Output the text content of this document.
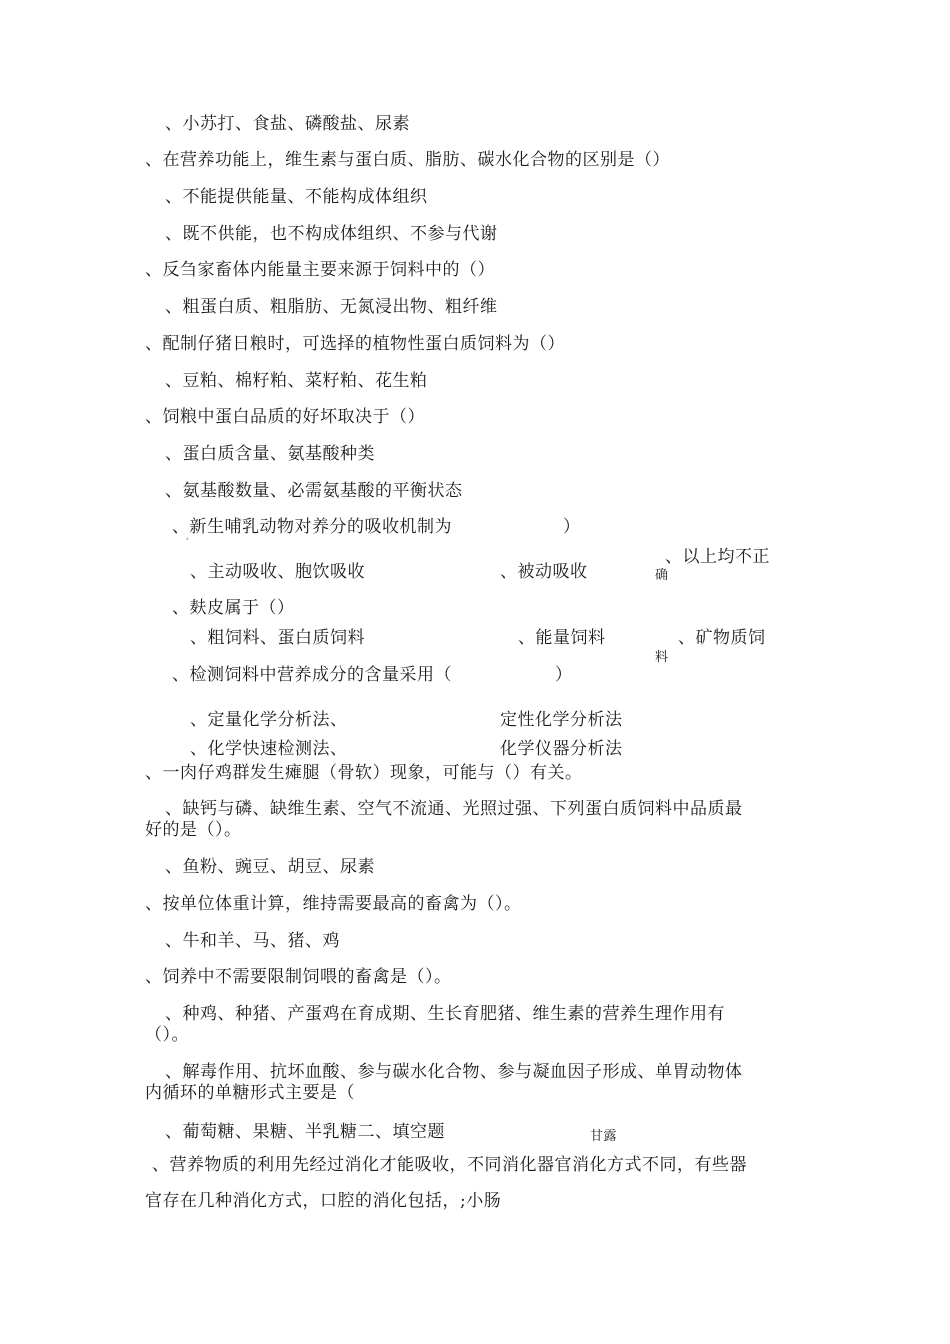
、小苏打、食盐、磷酸盐、尿素
、在营养功能上，维生素与蛋白质、脂肪、碳水化合物的区别是（）
、不能提供能量、不能构成体组织
、既不供能，也不构成体组织、不参与代谢
、反刍家畜体内能量主要来源于饲料中的（）
、粗蛋白质、粗脂肪、无氮浸出物、粗纤维
、配制仔猪日粮时，可选择的植物性蛋白质饲料为（）
、豆粕、棉籽粕、菜籽粕、花生粕
、饲粮中蛋白品质的好坏取决于（）
、蛋白质含量、氨基酸种类
、氨基酸数量、必需氨基酸的平衡状态
、新生哺乳动物对养分的吸收机制为	）
ˊ
、主动吸收、胞饮吸收	、被动吸收
、以上均不正
确
、麸皮属于（）
、粗饲料、蛋白质饲料	、能量饲料	、矿物质饲
料
、检测饲料中营养成分的含量采用（	）
、定量化学分析法、	定性化学分析法
、化学快速检测法、	化学仪器分析法
、一肉仔鸡群发生瘫腿（骨软）现象，可能与（）有关。
、缺钙与磷、缺维生素、空气不流通、光照过强、下列蛋白质饲料中品质最
好的是（）。
、鱼粉、豌豆、胡豆、尿素
、按单位体重计算，维持需要最高的畜禽为（）。
、牛和羊、马、猪、鸡
、饲养中不需要限制饲喂的畜禽是（）。
、种鸡、种猪、产蛋鸡在育成期、生长育肥猪、维生素的营养生理作用有
（）。
、解毒作用、抗坏血酸、参与碳水化合物、参与凝血因子形成、单胃动物体
内循环的单糖形式主要是（
、葡萄糖、果糖、半乳糖二、填空题	甘露
、营养物质的利用先经过消化才能吸收，不同消化器官消化方式不同，有些器
官存在几种消化方式，口腔的消化包括，;小肠
